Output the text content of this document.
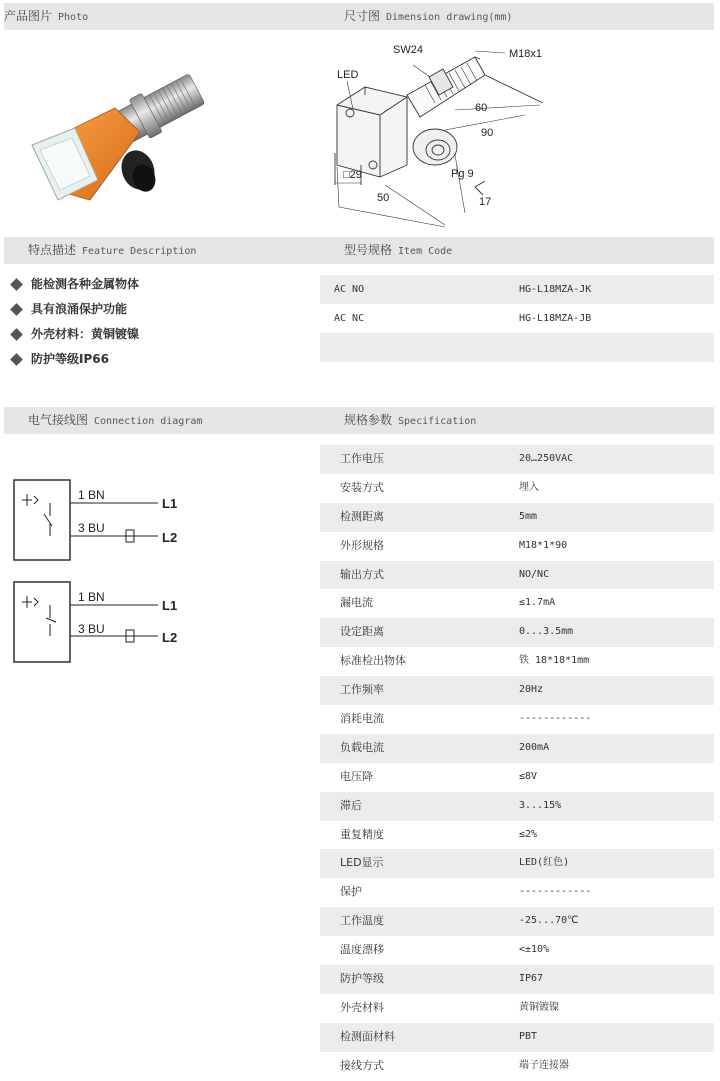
产品图片 Photo	尺寸图 Dimension drawing(mm)
特点描述 Feature Description	型号规格 Item Code
电气接线图 Connection diagram	规格参数 Specification
SW24	M18x1
LED
60
90
□29	Pg 9
50	17
能检测各种金属物体
具有浪涌保护功能
外壳材料：黄铜镀镍
防护等级IP66
AC NO	HG-L18MZA-JK
AC NC	HG-L18MZA-JB
1 BN
3 BU
1 BN
3 BU
L1
L2
L1
L2
工作电压	20…250VAC
安装方式	埋入
检测距离	5mm
外形规格	M18*1*90
输出方式	NO/NC
漏电流	≤1.7mA
设定距离	0...3.5mm
标准检出物体	铁 18*18*1mm
工作频率	20Hz
消耗电流	------------
负载电流	200mA
电压降	≤8V
滞后	3...15%
重复精度	≤2%
LED显示	LED(红色)
保护	------------
工作温度	-25...70℃
温度漂移	<±10%
防护等级	IP67
外壳材料	黄铜镀镍
检测面材料	PBT
接线方式	端子连接器
